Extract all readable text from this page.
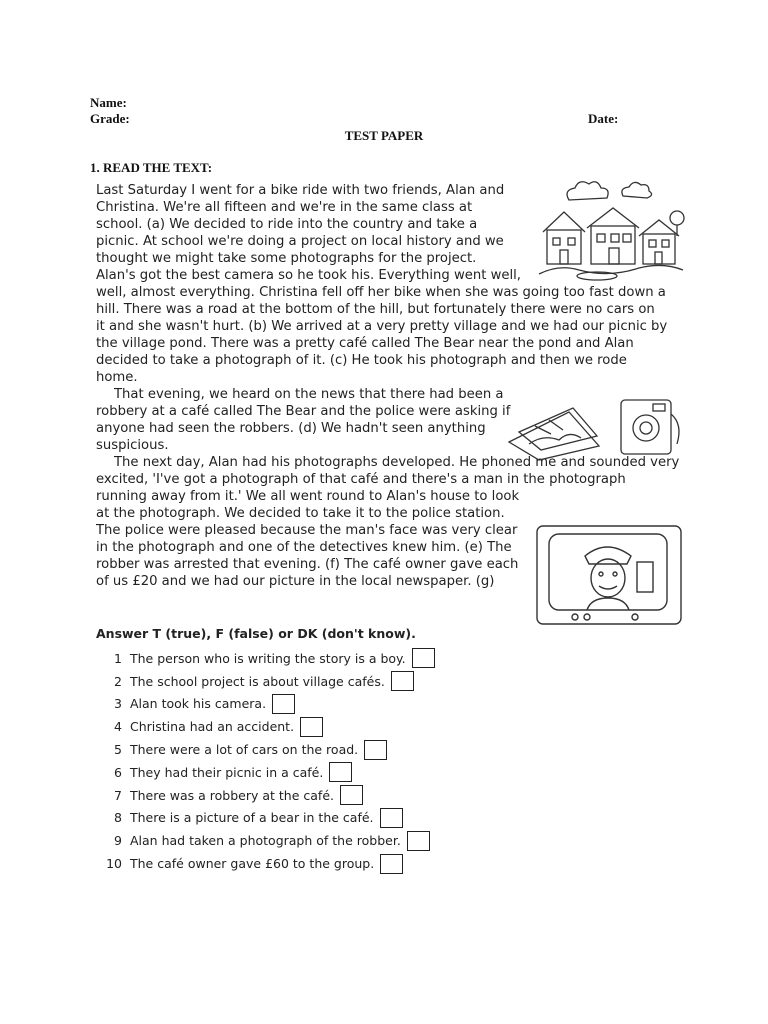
Name:
Grade:	Date:
TEST PAPER
1. READ THE TEXT:
Last Saturday I went for a bike ride with two friends, Alan and
Christina. We're all fifteen and we're in the same class at
school. (a) We decided to ride into the country and take a
picnic. At school we're doing a project on local history and we
thought we might take some photographs for the project.
Alan's got the best camera so he took his. Everything went well,
well, almost everything. Christina fell off her bike when she was going too fast down a
hill. There was a road at the bottom of the hill, but fortunately there were no cars on
it and she wasn't hurt. (b) We arrived at a very pretty village and we had our picnic by
the village pond. There was a pretty café called The Bear near the pond and Alan
decided to take a photograph of it. (c) He took his photograph and then we rode
home.
That evening, we heard on the news that there had been a
robbery at a café called The Bear and the police were asking if
anyone had seen the robbers. (d) We hadn't seen anything
suspicious.
The next day, Alan had his photographs developed. He phoned me and sounded very
excited, 'I've got a photograph of that café and there's a man in the photograph
running away from it.' We all went round to Alan's house to look
at the photograph. We decided to take it to the police station.
The police were pleased because the man's face was very clear
in the photograph and one of the detectives knew him. (e) The
robber was arrested that evening. (f) The café owner gave each
of us £20 and we had our picture in the local newspaper. (g)
Answer T (true), F (false) or DK (don't know).
1 The person who is writing the story is a boy.
2 The school project is about village cafés.
3 Alan took his camera.
4 Christina had an accident.
5 There were a lot of cars on the road.
6 They had their picnic in a café.
7 There was a robbery at the café.
8 There is a picture of a bear in the café.
9 Alan had taken a photograph of the robber.
10 The café owner gave £60 to the group.
